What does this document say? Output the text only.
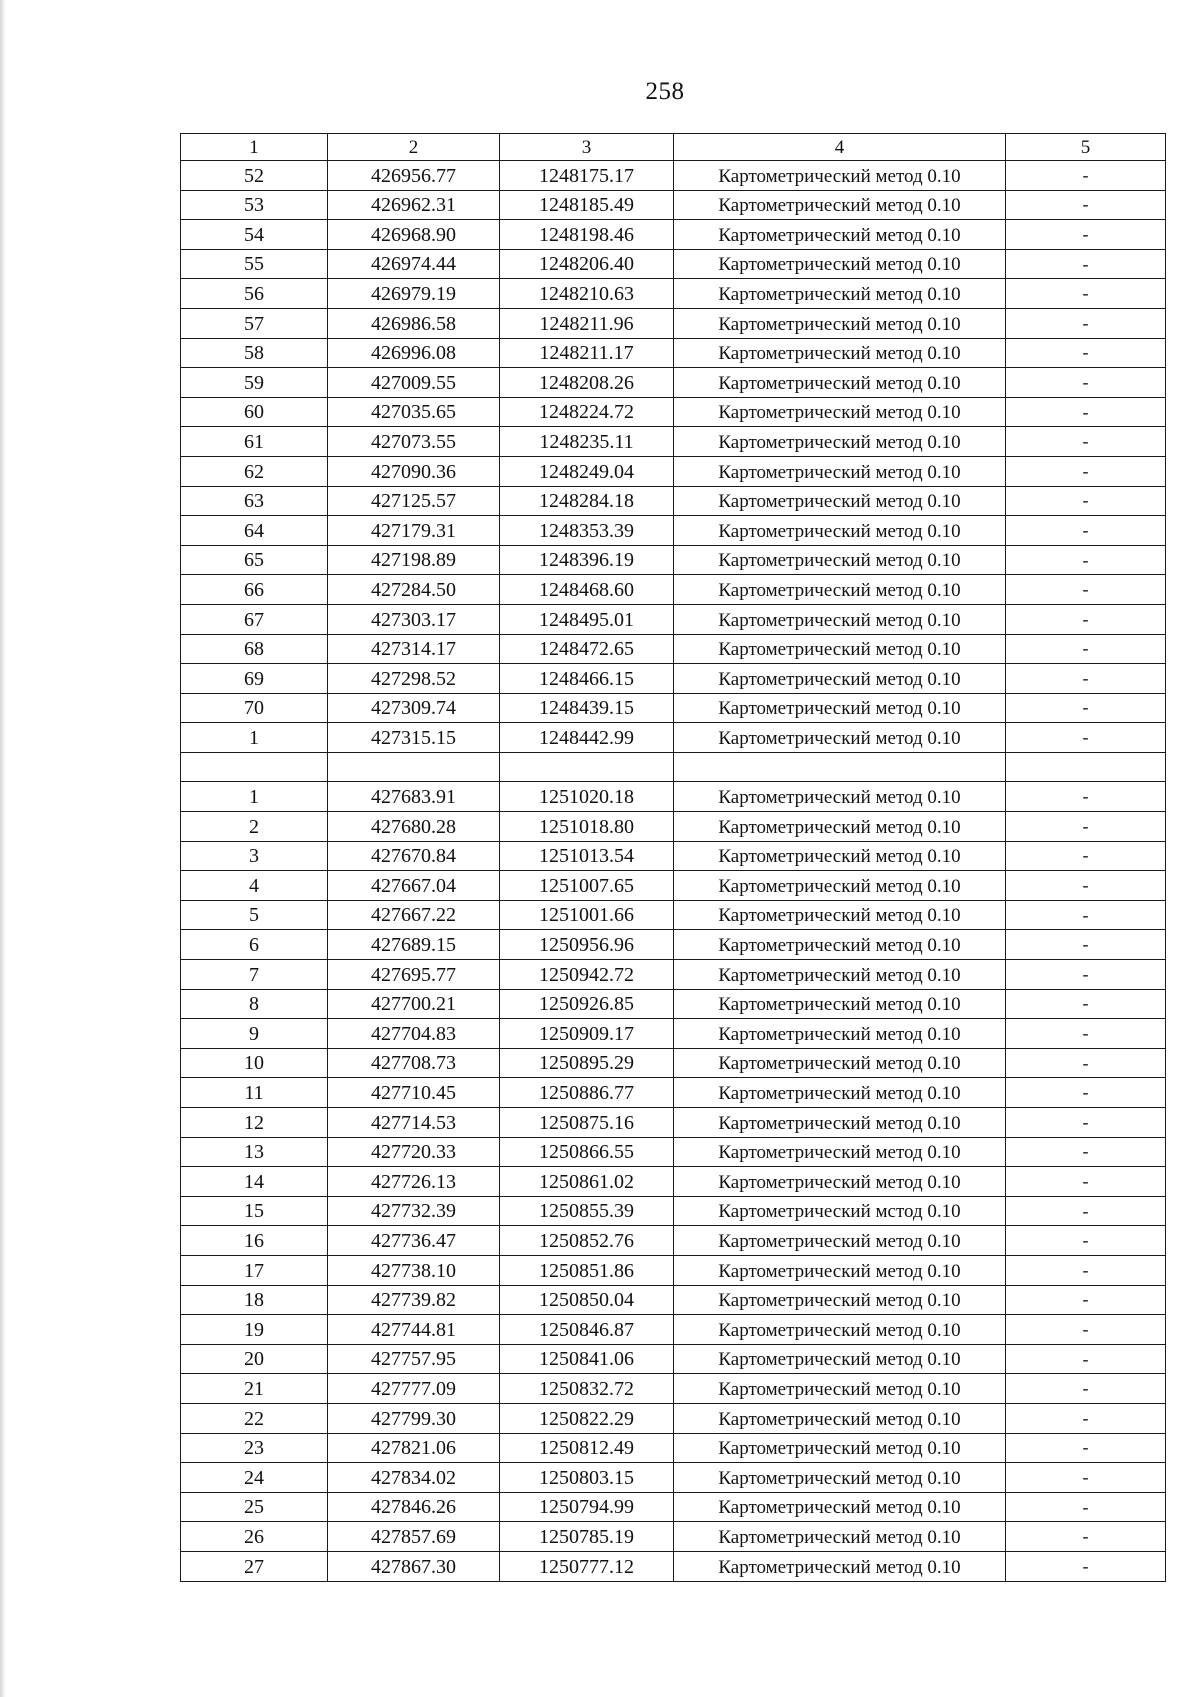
258
1	2	3	4	5
52	426956.77	1248175.17	Картометрический метод 0.10	-
53	426962.31	1248185.49	Картометрический метод 0.10	-
54	426968.90	1248198.46	Картометрический метод 0.10	-
55	426974.44	1248206.40	Картометрический метод 0.10	-
56	426979.19	1248210.63	Картометрический метод 0.10	-
57	426986.58	1248211.96	Картометрический метод 0.10	-
58	426996.08	1248211.17	Картометрический метод 0.10	-
59	427009.55	1248208.26	Картометрический метод 0.10	-
60	427035.65	1248224.72	Картометрический метод 0.10	-
61	427073.55	1248235.11	Картометрический метод 0.10	-
62	427090.36	1248249.04	Картометрический метод 0.10	-
63	427125.57	1248284.18	Картометрический метод 0.10	-
64	427179.31	1248353.39	Картометрический метод 0.10	-
65	427198.89	1248396.19	Картометрический метод 0.10	-
66	427284.50	1248468.60	Картометрический метод 0.10	-
67	427303.17	1248495.01	Картометрический метод 0.10	-
68	427314.17	1248472.65	Картометрический метод 0.10	-
69	427298.52	1248466.15	Картометрический метод 0.10	-
70	427309.74	1248439.15	Картометрический метод 0.10	-
1	427315.15	1248442.99	Картометрический метод 0.10	-

1	427683.91	1251020.18	Картометрический метод 0.10	-
2	427680.28	1251018.80	Картометрический метод 0.10	-
3	427670.84	1251013.54	Картометрический метод 0.10	-
4	427667.04	1251007.65	Картометрический метод 0.10	-
5	427667.22	1251001.66	Картометрический метод 0.10	-
6	427689.15	1250956.96	Картометрический метод 0.10	-
7	427695.77	1250942.72	Картометрический метод 0.10	-
8	427700.21	1250926.85	Картометрический метод 0.10	-
9	427704.83	1250909.17	Картометрический метод 0.10	-
10	427708.73	1250895.29	Картометрический метод 0.10	-
11	427710.45	1250886.77	Картометрический метод 0.10	-
12	427714.53	1250875.16	Картометрический метод 0.10	-
13	427720.33	1250866.55	Картометрический метод 0.10	-
14	427726.13	1250861.02	Картометрический метод 0.10	-
15	427732.39	1250855.39	Картометрический мстод 0.10	-
16	427736.47	1250852.76	Картометрический метод 0.10	-
17	427738.10	1250851.86	Картометрический метод 0.10	-
18	427739.82	1250850.04	Картометрический метод 0.10	-
19	427744.81	1250846.87	Картометрический метод 0.10	-
20	427757.95	1250841.06	Картометрический метод 0.10	-
21	427777.09	1250832.72	Картометрический метод 0.10	-
22	427799.30	1250822.29	Картометрический метод 0.10	-
23	427821.06	1250812.49	Картометрический метод 0.10	-
24	427834.02	1250803.15	Картометрический метод 0.10	-
25	427846.26	1250794.99	Картометрический метод 0.10	-
26	427857.69	1250785.19	Картометрический метод 0.10	-
27	427867.30	1250777.12	Картометрический метод 0.10	-
